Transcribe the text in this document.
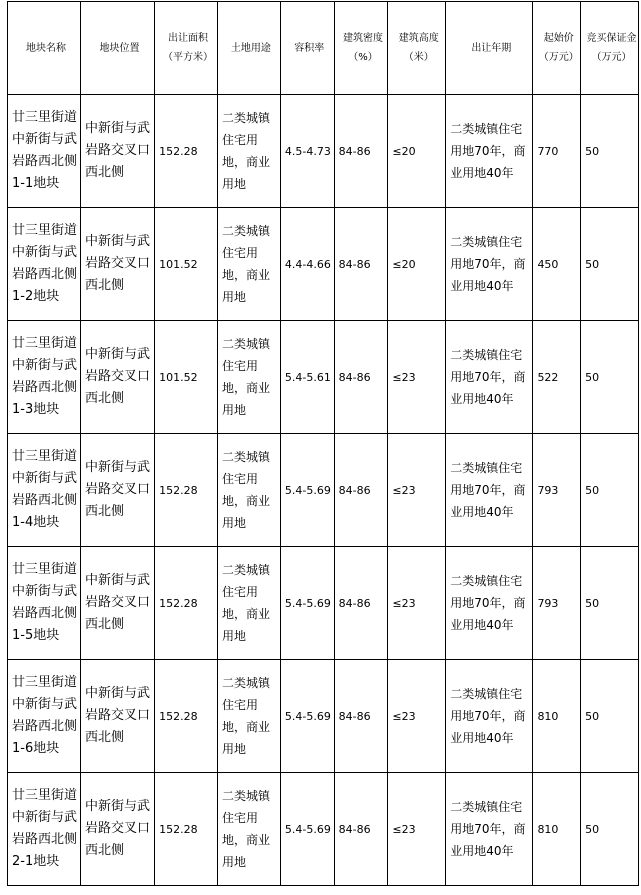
地块名称	地块位置	出让面积（平方米）	土地用途	容积率	建筑密度（%）	建筑高度（米）	出让年期	起始价（万元）	竞买保证金（万元）
廿三里街道中新街与武岩路西北侧1-1地块	中新街与武岩路交叉口西北侧	152.28	二类城镇住宅用地，商业用地	4.5-4.73	84-86	≤20	二类城镇住宅用地70年，商业用地40年	770	50
廿三里街道中新街与武岩路西北侧1-2地块	中新街与武岩路交叉口西北侧	101.52	二类城镇住宅用地，商业用地	4.4-4.66	84-86	≤20	二类城镇住宅用地70年，商业用地40年	450	50
廿三里街道中新街与武岩路西北侧1-3地块	中新街与武岩路交叉口西北侧	101.52	二类城镇住宅用地，商业用地	5.4-5.61	84-86	≤23	二类城镇住宅用地70年，商业用地40年	522	50
廿三里街道中新街与武岩路西北侧1-4地块	中新街与武岩路交叉口西北侧	152.28	二类城镇住宅用地，商业用地	5.4-5.69	84-86	≤23	二类城镇住宅用地70年，商业用地40年	793	50
廿三里街道中新街与武岩路西北侧1-5地块	中新街与武岩路交叉口西北侧	152.28	二类城镇住宅用地，商业用地	5.4-5.69	84-86	≤23	二类城镇住宅用地70年，商业用地40年	793	50
廿三里街道中新街与武岩路西北侧1-6地块	中新街与武岩路交叉口西北侧	152.28	二类城镇住宅用地，商业用地	5.4-5.69	84-86	≤23	二类城镇住宅用地70年，商业用地40年	810	50
廿三里街道中新街与武岩路西北侧2-1地块	中新街与武岩路交叉口西北侧	152.28	二类城镇住宅用地，商业用地	5.4-5.69	84-86	≤23	二类城镇住宅用地70年，商业用地40年	810	50
